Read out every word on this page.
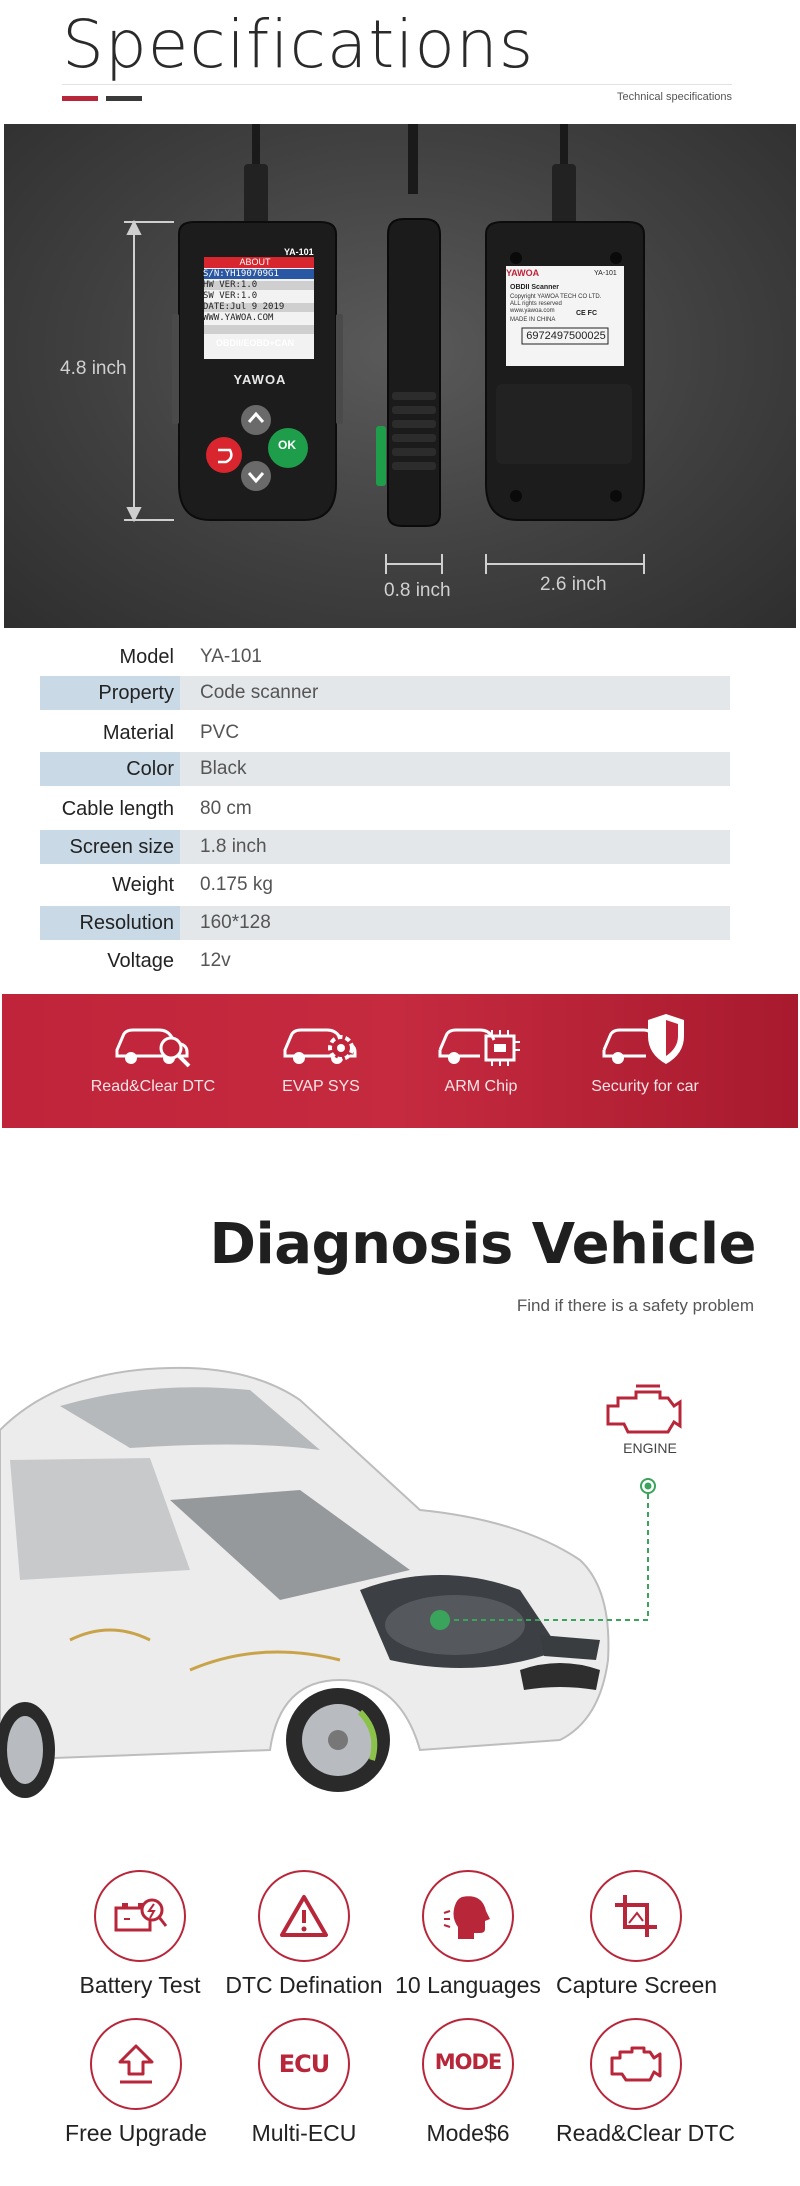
Specifications
Technical specifications
YA-101
ABOUT
S/N:YH190709G1
HW VER:1.0
SW VER:1.0
DATE:Jul 9 2019
WWW.YAWOA.COM
OBDII/EOBD+CAN
YAWOA
OK
YAWOA	YA-101
OBDII Scanner
Copyright YAWOA TECH CO LTD.
ALL rights reserved
www.yawoa.com	CE FC
MADE IN CHINA
6972497500025
4.8 inch
0.8 inch	2.6 inch
Model YA-101
Property Code scanner
Material PVC
Color Black
Cable length 80 cm
Screen size 1.8 inch
Weight 0.175 kg
Resolution 160*128
Voltage 12v
Read&Clear DTC	EVAP SYS	ARM Chip	Security for car
Diagnosis Vehicle
Find if there is a safety problem
ENGINE
Battery Test	DTC Defination 10 Languages Capture Screen
Free Upgrade
ECU
Multi-ECU
MODE
Mode$6	Read&Clear DTC
